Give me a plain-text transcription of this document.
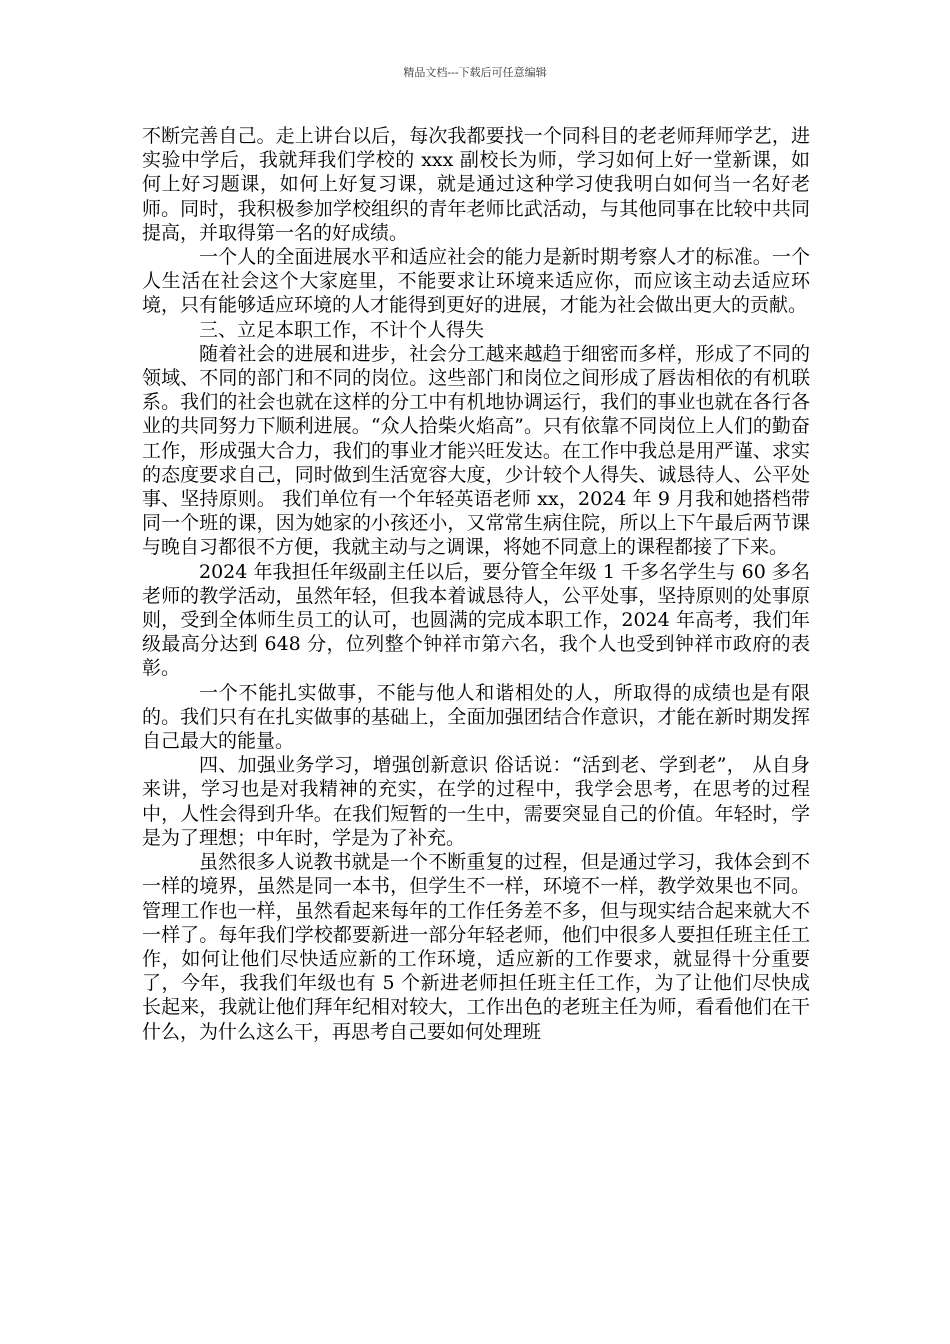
精品文档---下载后可任意编辑

不断完善自己。走上讲台以后，每次我都要找一个同科目的老老师拜师学艺，进实验中学后，我就拜我们学校的 xxx 副校长为师，学习如何上好一堂新课，如何上好习题课，如何上好复习课，就是通过这种学习使我明白如何当一名好老师。同时，我积极参加学校组织的青年老师比武活动，与其他同事在比较中共同提高，并取得第一名的好成绩。

一个人的全面进展水平和适应社会的能力是新时期考察人才的标准。一个人生活在社会这个大家庭里，不能要求让环境来适应你，而应该主动去适应环境，只有能够适应环境的人才能得到更好的进展，才能为社会做出更大的贡献。

三、立足本职工作，不计个人得失

随着社会的进展和进步，社会分工越来越趋于细密而多样，形成了不同的领域、不同的部门和不同的岗位。这些部门和岗位之间形成了唇齿相依的有机联系。我们的社会也就在这样的分工中有机地协调运行，我们的事业也就在各行各业的共同努力下顺利进展。“众人拾柴火焰高”。只有依靠不同岗位上人们的勤奋工作，形成强大合力，我们的事业才能兴旺发达。在工作中我总是用严谨、求实的态度要求自己，同时做到生活宽容大度，少计较个人得失、诚恳待人、公平处事、坚持原则。 我们单位有一个年轻英语老师 xx，2024 年 9 月我和她搭档带同一个班的课，因为她家的小孩还小，又常常生病住院，所以上下午最后两节课与晚自习都很不方便，我就主动与之调课，将她不同意上的课程都接了下来。

2024 年我担任年级副主任以后，要分管全年级 1 千多名学生与 60 多名老师的教学活动，虽然年轻，但我本着诚恳待人，公平处事，坚持原则的处事原则，受到全体师生员工的认可，也圆满的完成本职工作，2024 年高考，我们年级最高分达到 648 分，位列整个钟祥市第六名，我个人也受到钟祥市政府的表彰。

一个不能扎实做事，不能与他人和谐相处的人，所取得的成绩也是有限的。我们只有在扎实做事的基础上，全面加强团结合作意识，才能在新时期发挥自己最大的能量。

四、加强业务学习，增强创新意识 俗话说：“活到老、学到老”， 从自身来讲，学习也是对我精神的充实，在学的过程中，我学会思考，在思考的过程中，人性会得到升华。在我们短暂的一生中，需要突显自己的价值。年轻时，学是为了理想；中年时，学是为了补充。

虽然很多人说教书就是一个不断重复的过程，但是通过学习，我体会到不一样的境界，虽然是同一本书，但学生不一样，环境不一样，教学效果也不同。管理工作也一样，虽然看起来每年的工作任务差不多，但与现实结合起来就大不一样了。每年我们学校都要新进一部分年轻老师，他们中很多人要担任班主任工作，如何让他们尽快适应新的工作环境，适应新的工作要求，就显得十分重要了，今年，我我们年级也有 5 个新进老师担任班主任工作，为了让他们尽快成长起来，我就让他们拜年纪相对较大，工作出色的老班主任为师，看看他们在干什么，为什么这么干，再思考自己要如何处理班
